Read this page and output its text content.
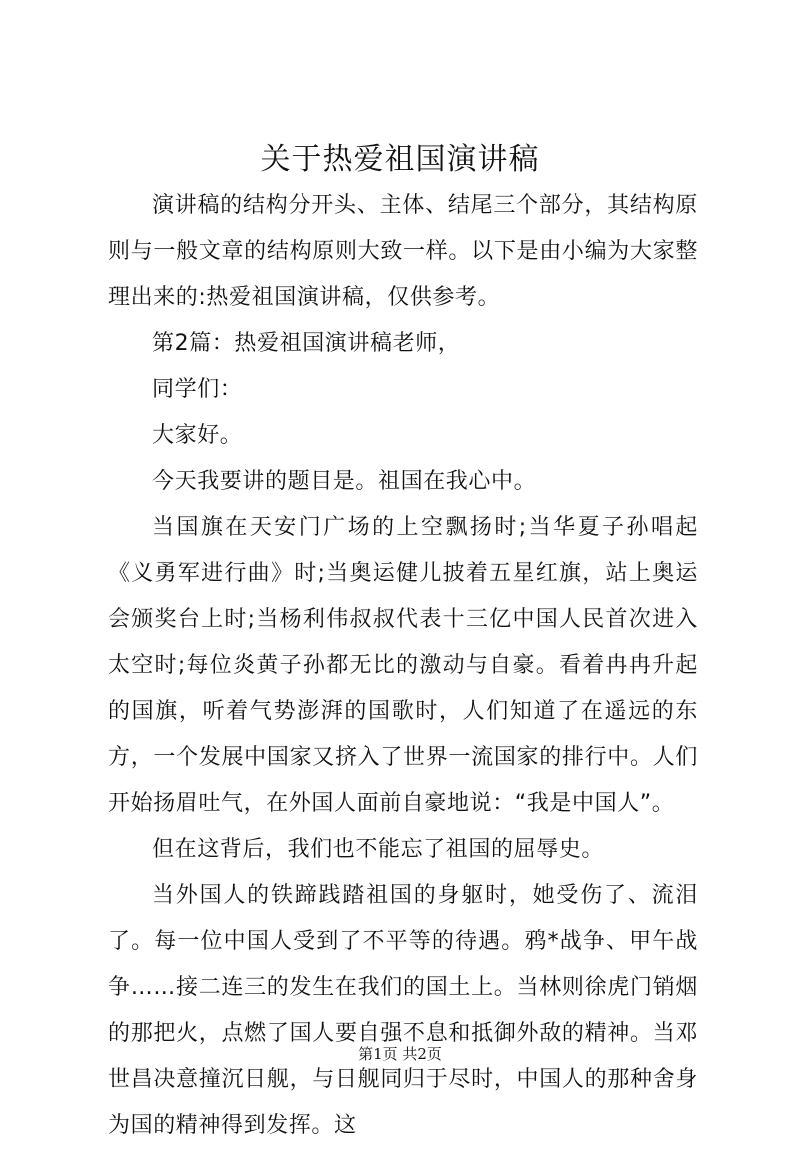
关于热爱祖国演讲稿

演讲稿的结构分开头、主体、结尾三个部分，其结构原则与一般文章的结构原则大致一样。以下是由小编为大家整理出来的:热爱祖国演讲稿，仅供参考。

第2篇：热爱祖国演讲稿老师，

同学们：

大家好。

今天我要讲的题目是。祖国在我心中。

当国旗在天安门广场的上空飘扬时;当华夏子孙唱起《义勇军进行曲》时;当奥运健儿披着五星红旗，站上奥运会颁奖台上时;当杨利伟叔叔代表十三亿中国人民首次进入太空时;每位炎黄子孙都无比的激动与自豪。看着冉冉升起的国旗，听着气势澎湃的国歌时，人们知道了在遥远的东方，一个发展中国家又挤入了世界一流国家的排行中。人们开始扬眉吐气，在外国人面前自豪地说：“我是中国人”。

但在这背后，我们也不能忘了祖国的屈辱史。

当外国人的铁蹄践踏祖国的身躯时，她受伤了、流泪了。每一位中国人受到了不平等的待遇。鸦*战争、甲午战争……接二连三的发生在我们的国土上。当林则徐虎门销烟的那把火，点燃了国人要自强不息和抵御外敌的精神。当邓世昌决意撞沉日舰，与日舰同归于尽时，中国人的那种舍身为国的精神得到发挥。这

第1页 共2页
